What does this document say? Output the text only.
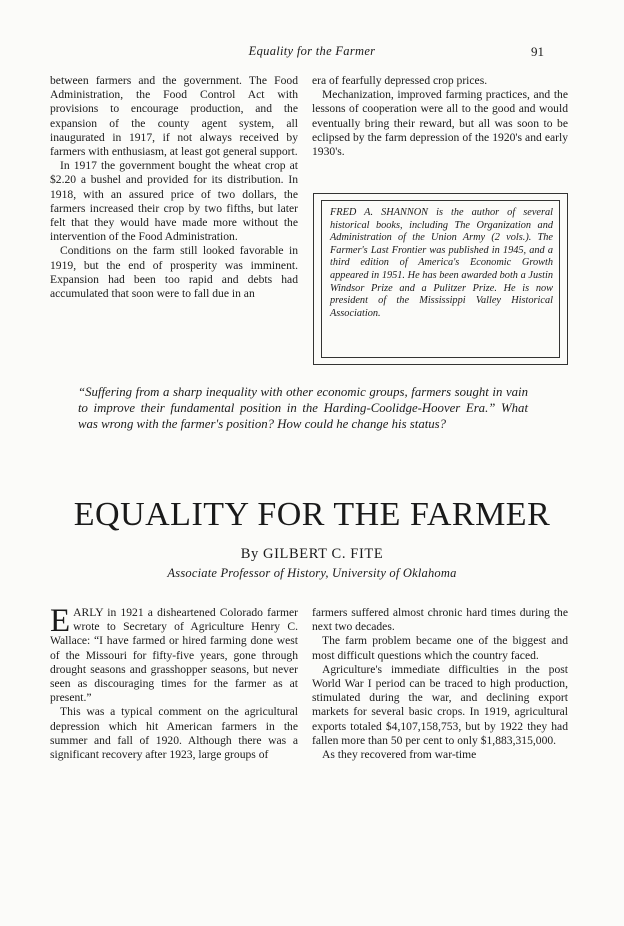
Equality for the Farmer	91

between farmers and the government. The Food Administration, the Food Control Act with provisions to encourage production, and the expansion of the county agent system, all inaugurated in 1917, if not always received by farmers with enthusiasm, at least got general support.

In 1917 the government bought the wheat crop at $2.20 a bushel and provided for its distribution. In 1918, with an assured price of two dollars, the farmers increased their crop by two fifths, but later felt that they would have made more without the intervention of the Food Administration.

Conditions on the farm still looked favorable in 1919, but the end of prosperity was imminent. Expansion had been too rapid and debts had accumulated that soon were to fall due in an

era of fearfully depressed crop prices.

Mechanization, improved farming practices, and the lessons of cooperation were all to the good and would eventually bring their reward, but all was soon to be eclipsed by the farm depression of the 1920's and early 1930's.

FRED A. SHANNON is the author of several historical books, including The Organization and Administration of the Union Army (2 vols.). The Farmer's Last Frontier was published in 1945, and a third edition of America's Economic Growth appeared in 1951. He has been awarded both a Justin Windsor Prize and a Pulitzer Prize. He is now president of the Mississippi Valley Historical Association.
“Suffering from a sharp inequality with other economic groups, farmers sought in vain to improve their fundamental position in the Harding-Coolidge-Hoover Era.” What was wrong with the farmer's position? How could he change his status?
EQUALITY FOR THE FARMER
By GILBERT C. FITE
Associate Professor of History, University of Oklahoma

EARLY in 1921 a disheartened Colorado farmer wrote to Secretary of Agriculture Henry C. Wallace: “I have farmed or hired farming done west of the Missouri for fifty-five years, gone through drought seasons and grasshopper seasons, but never seen as discouraging times for the farmer as at present.”

This was a typical comment on the agricultural depression which hit American farmers in the summer and fall of 1920. Although there was a significant recovery after 1923, large groups of

farmers suffered almost chronic hard times during the next two decades.

The farm problem became one of the biggest and most difficult questions which the country faced.

Agriculture's immediate difficulties in the post World War I period can be traced to high production, stimulated during the war, and declining export markets for several basic crops. In 1919, agricultural exports totaled $4,107,158,753, but by 1922 they had fallen more than 50 per cent to only $1,883,315,000.

As they recovered from war-time
